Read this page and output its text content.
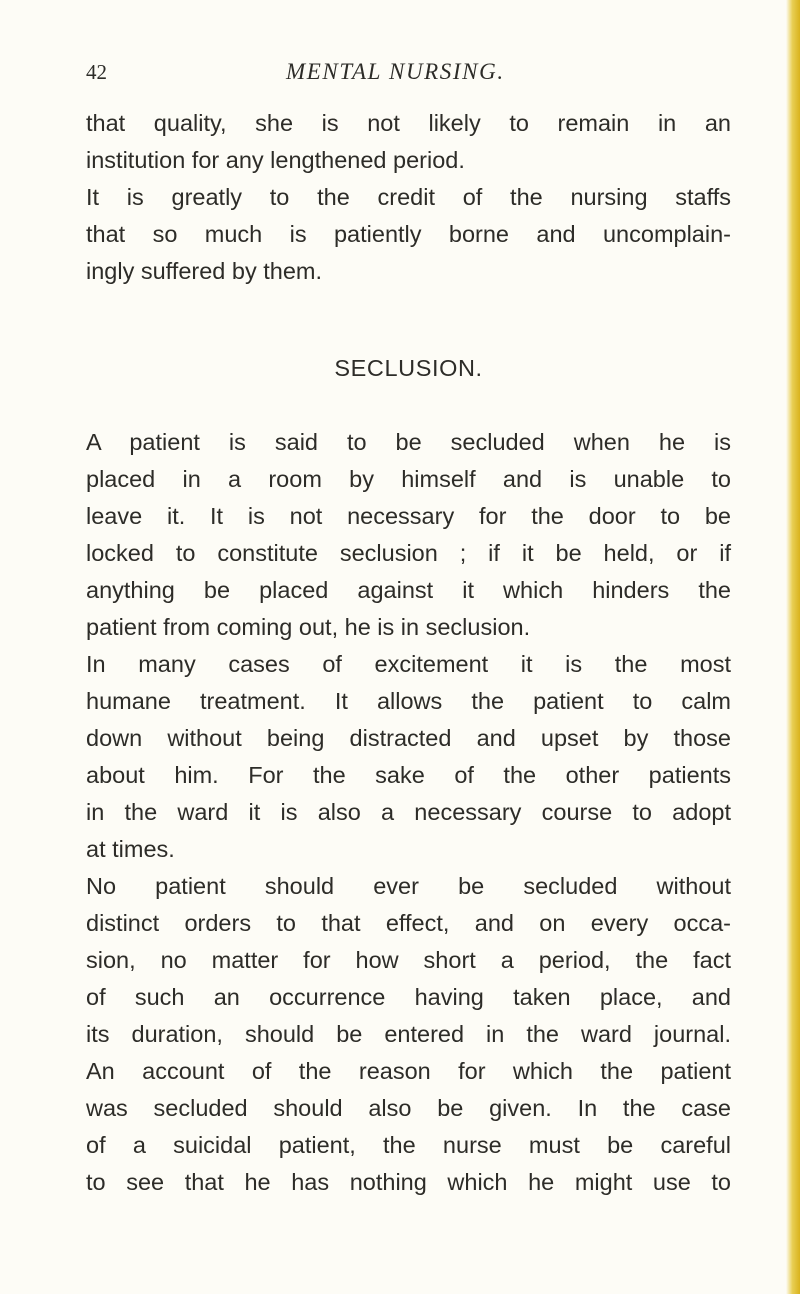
42	MENTAL NURSING.
that quality, she is not likely to remain in an
institution for any lengthened period.
It is greatly to the credit of the nursing staffs
that so much is patiently borne and uncomplain-
ingly suffered by them.
SECLUSION.
A patient is said to be secluded when he is
placed in a room by himself and is unable to
leave it. It is not necessary for the door to be
locked to constitute seclusion ; if it be held, or if
anything be placed against it which hinders the
patient from coming out, he is in seclusion.
In many cases of excitement it is the most
humane treatment. It allows the patient to calm
down without being distracted and upset by those
about him. For the sake of the other patients
in the ward it is also a necessary course to adopt
at times.
No patient should ever be secluded without
distinct orders to that effect, and on every occa-
sion, no matter for how short a period, the fact
of such an occurrence having taken place, and
its duration, should be entered in the ward journal.
An account of the reason for which the patient
was secluded should also be given. In the case
of a suicidal patient, the nurse must be careful
to see that he has nothing which he might use to
